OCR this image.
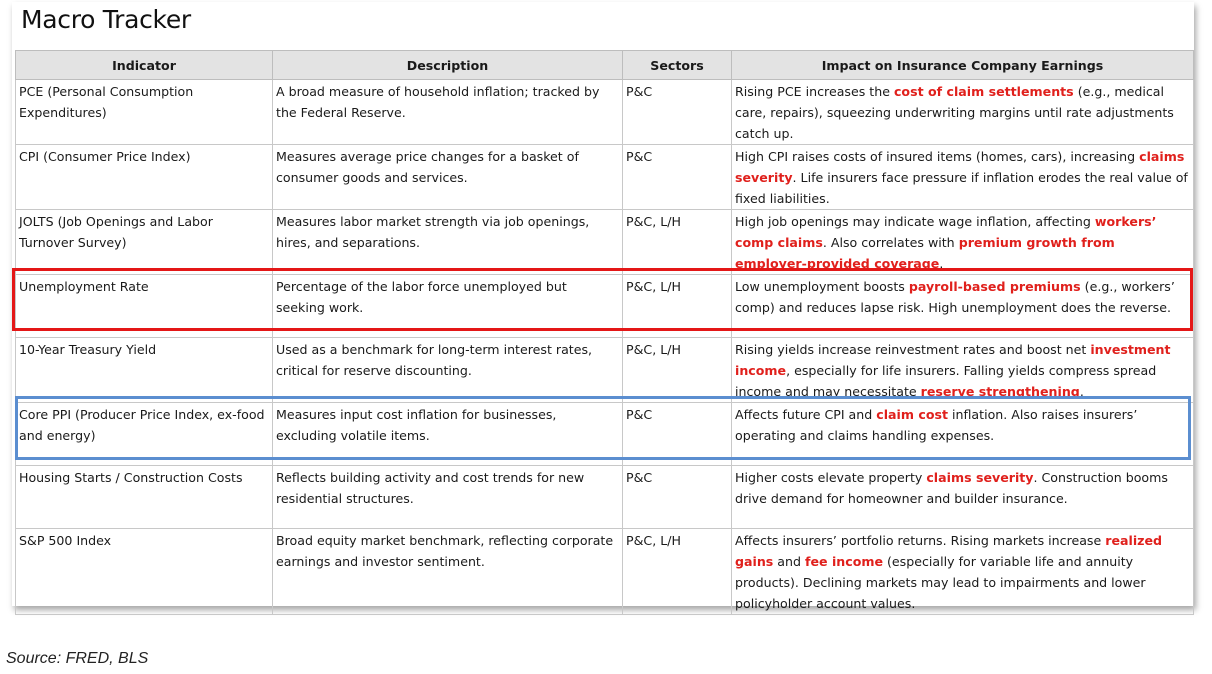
Macro Tracker
Indicator	Description	Sectors	Impact on Insurance Company Earnings
PCE (Personal Consumption Expenditures)	A broad measure of household inflation; tracked by the Federal Reserve.	P&C	Rising PCE increases the cost of claim settlements (e.g., medical care, repairs), squeezing underwriting margins until rate adjustments catch up.
CPI (Consumer Price Index)	Measures average price changes for a basket of consumer goods and services.	P&C	High CPI raises costs of insured items (homes, cars), increasing claims severity. Life insurers face pressure if inflation erodes the real value of fixed liabilities.
JOLTS (Job Openings and Labor Turnover Survey)	Measures labor market strength via job openings, hires, and separations.	P&C, L/H	High job openings may indicate wage inflation, affecting workers’ comp claims. Also correlates with premium growth from employer-provided coverage.
Unemployment Rate	Percentage of the labor force unemployed but seeking work.	P&C, L/H	Low unemployment boosts payroll-based premiums (e.g., workers’ comp) and reduces lapse risk. High unemployment does the reverse.
10-Year Treasury Yield	Used as a benchmark for long-term interest rates, critical for reserve discounting.	P&C, L/H	Rising yields increase reinvestment rates and boost net investment income, especially for life insurers. Falling yields compress spread income and may necessitate reserve strengthening.
Core PPI (Producer Price Index, ex-food and energy)	Measures input cost inflation for businesses, excluding volatile items.	P&C	Affects future CPI and claim cost inflation. Also raises insurers’ operating and claims handling expenses.
Housing Starts / Construction Costs	Reflects building activity and cost trends for new residential structures.	P&C	Higher costs elevate property claims severity. Construction booms drive demand for homeowner and builder insurance.
S&P 500 Index	Broad equity market benchmark, reflecting corporate earnings and investor sentiment.	P&C, L/H	Affects insurers’ portfolio returns. Rising markets increase realized gains and fee income (especially for variable life and annuity products). Declining markets may lead to impairments and lower policyholder account values.
Source: FRED, BLS
